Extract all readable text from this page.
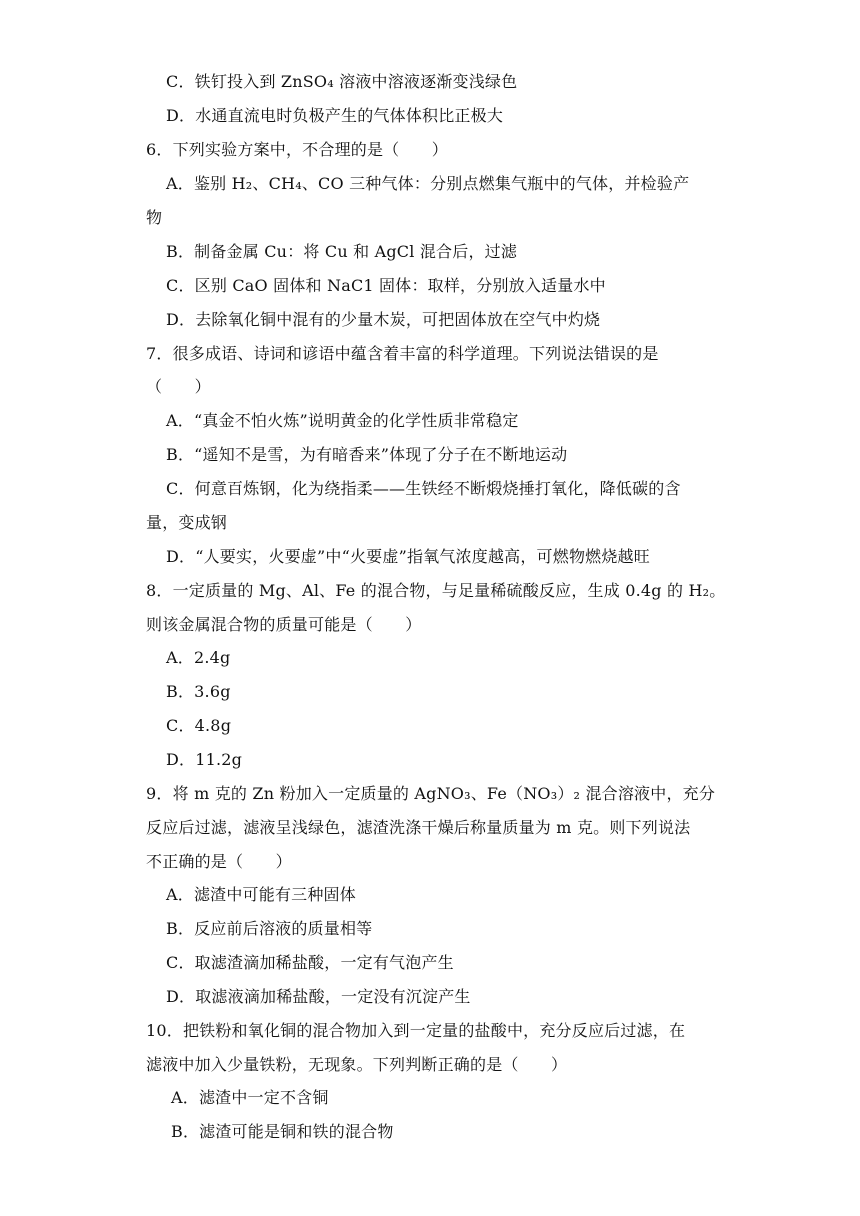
C．铁钉投入到 ZnSO₄ 溶液中溶液逐渐变浅绿色
D．水通直流电时负极产生的气体体积比正极大
6．下列实验方案中，不合理的是（　　）
A．鉴别 H₂、CH₄、CO 三种气体：分别点燃集气瓶中的气体，并检验产
物
B．制备金属 Cu：将 Cu 和 AgCl 混合后，过滤
C．区别 CaO 固体和 NaC1 固体：取样，分别放入适量水中
D．去除氧化铜中混有的少量木炭，可把固体放在空气中灼烧
7．很多成语、诗词和谚语中蕴含着丰富的科学道理。下列说法错误的是
（　　）
A．“真金不怕火炼”说明黄金的化学性质非常稳定
B．“遥知不是雪，为有暗香来”体现了分子在不断地运动
C．何意百炼钢，化为绕指柔——生铁经不断煅烧捶打氧化，降低碳的含
量，变成钢
D．“人要实，火要虚”中“火要虚”指氧气浓度越高，可燃物燃烧越旺
8．一定质量的 Mg、Al、Fe 的混合物，与足量稀硫酸反应，生成 0.4g 的 H₂。
则该金属混合物的质量可能是（　　）
A．2.4g
B．3.6g
C．4.8g
D．11.2g
9．将 m 克的 Zn 粉加入一定质量的 AgNO₃、Fe（NO₃）₂ 混合溶液中，充分
反应后过滤，滤液呈浅绿色，滤渣洗涤干燥后称量质量为 m 克。则下列说法
不正确的是（　　）
A．滤渣中可能有三种固体
B．反应前后溶液的质量相等
C．取滤渣滴加稀盐酸，一定有气泡产生
D．取滤液滴加稀盐酸，一定没有沉淀产生
10．把铁粉和氧化铜的混合物加入到一定量的盐酸中，充分反应后过滤，在
滤液中加入少量铁粉，无现象。下列判断正确的是（　　）
A．滤渣中一定不含铜
B．滤渣可能是铜和铁的混合物
